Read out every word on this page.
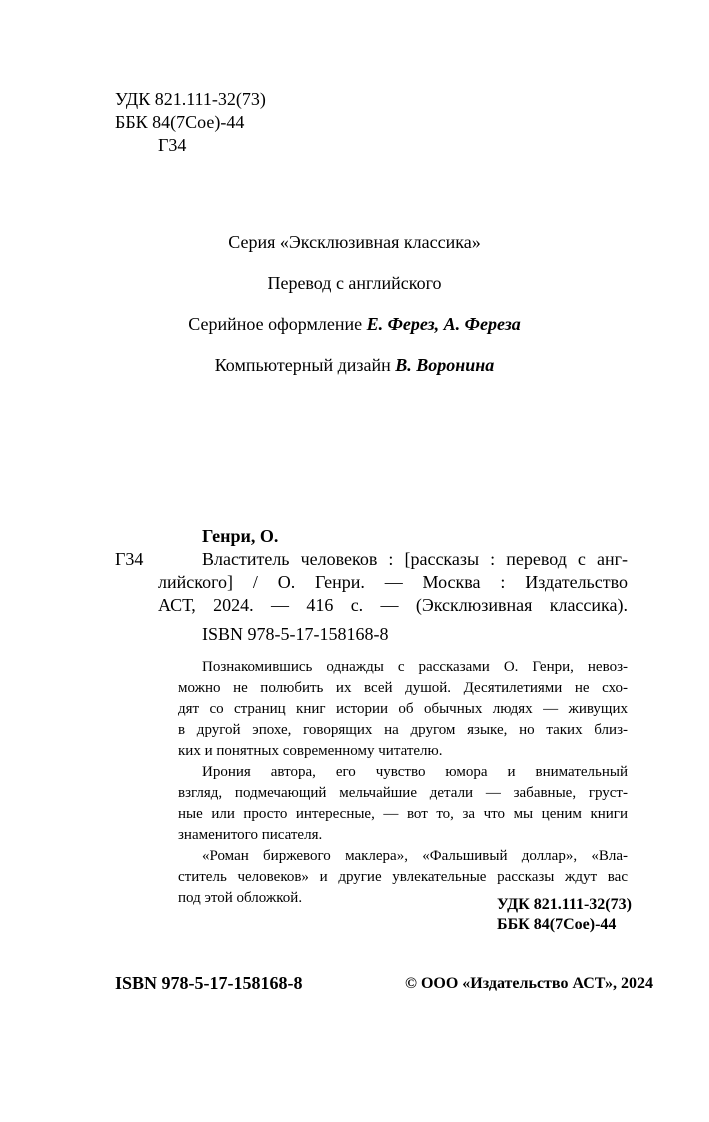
УДК 821.111-32(73)
ББК 84(7Сое)-44
Г34
Серия «Эксклюзивная классика»
Перевод с английского
Серийное оформление Е. Ферез, А. Фереза
Компьютерный дизайн В. Воронина
Генри, О.
Г34	Властитель человеков : [рассказы : перевод с анг-
лийского] / О. Генри. — Москва : Издательство
АСТ, 2024. — 416 с. — (Эксклюзивная классика).
ISBN 978-5-17-158168-8
Познакомившись однажды с рассказами О. Генри, невоз-
можно не полюбить их всей душой. Десятилетиями не схо-
дят со страниц книг истории об обычных людях — живущих
в другой эпохе, говорящих на другом языке, но таких близ-
ких и понятных современному читателю.
Ирония автора, его чувство юмора и внимательный
взгляд, подмечающий мельчайшие детали — забавные, груст-
ные или просто интересные, — вот то, за что мы ценим книги
знаменитого писателя.
«Роман биржевого маклера», «Фальшивый доллар», «Вла-
ститель человеков» и другие увлекательные рассказы ждут вас
под этой обложкой.	УДК 821.111-32(73)
ББК 84(7Сое)-44
ISBN 978-5-17-158168-8	© ООО «Издательство АСТ», 2024
